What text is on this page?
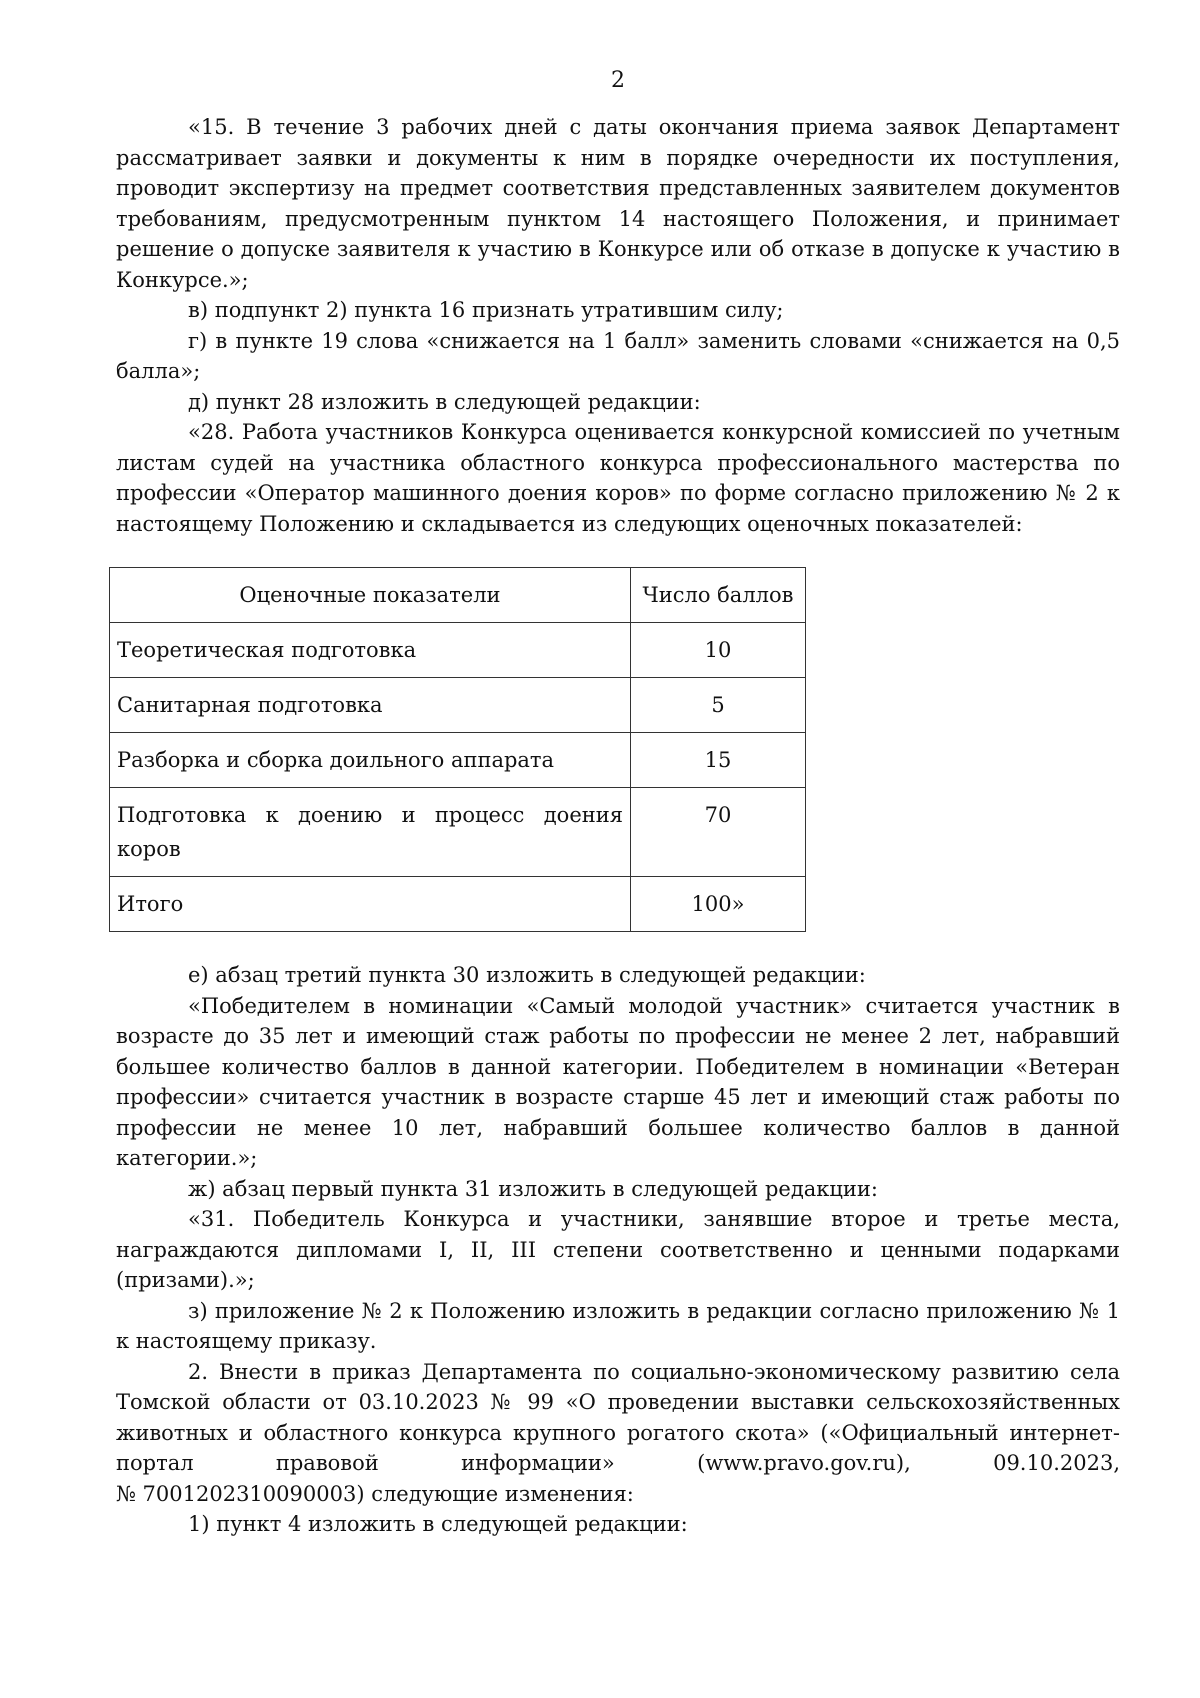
2

«15. В течение 3 рабочих дней с даты окончания приема заявок Департамент рассматривает заявки и документы к ним в порядке очередности их поступления, проводит экспертизу на предмет соответствия представленных заявителем документов требованиям, предусмотренным пунктом 14 настоящего Положения, и принимает решение о допуске заявителя к участию в Конкурсе или об отказе в допуске к участию в Конкурсе.»;

в) подпункт 2) пункта 16 признать утратившим силу;

г) в пункте 19 слова «снижается на 1 балл» заменить словами «снижается на 0,5 балла»;

д) пункт 28 изложить в следующей редакции:

«28. Работа участников Конкурса оценивается конкурсной комиссией по учетным листам судей на участника областного конкурса профессионального мастерства по профессии «Оператор машинного доения коров» по форме согласно приложению № 2 к настоящему Положению и складывается из следующих оценочных показателей:

Оценочные показатели	Число баллов
Теоретическая подготовка	10
Санитарная подготовка	5
Разборка и сборка доильного аппарата	15
Подготовка к доению и процесс доения коров	70
Итого	100»

е) абзац третий пункта 30 изложить в следующей редакции:

«Победителем в номинации «Самый молодой участник» считается участник в возрасте до 35 лет и имеющий стаж работы по профессии не менее 2 лет, набравший большее количество баллов в данной категории. Победителем в номинации «Ветеран профессии» считается участник в возрасте старше 45 лет и имеющий стаж работы по профессии не менее 10 лет, набравший большее количество баллов в данной категории.»;

ж) абзац первый пункта 31 изложить в следующей редакции:

«31. Победитель Конкурса и участники, занявшие второе и третье места, награждаются дипломами I, II, III степени соответственно и ценными подарками (призами).»;

з) приложение № 2 к Положению изложить в редакции согласно приложению № 1 к настоящему приказу.

2. Внести в приказ Департамента по социально-экономическому развитию села Томской области от 03.10.2023 № 99 «О проведении выставки сельскохозяйственных животных и областного конкурса крупного рогатого скота» («Официальный интернет-портал правовой информации» (www.pravo.gov.ru), 09.10.2023,

№ 7001202310090003) следующие изменения:

1) пункт 4 изложить в следующей редакции:
